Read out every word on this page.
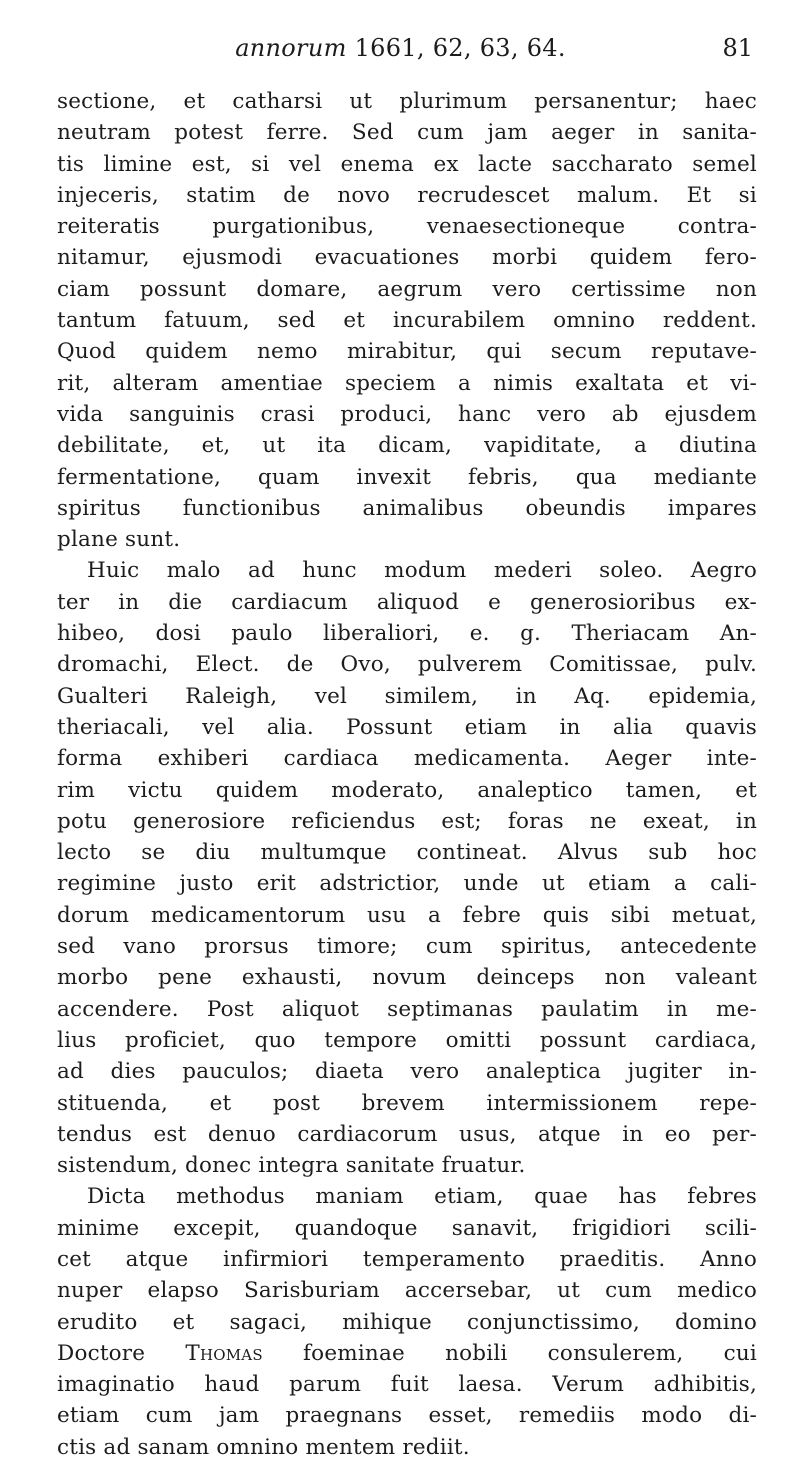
annorum 1661, 62, 63, 64.	81
sectione, et catharsi ut plurimum persanentur; haec
neutram potest ferre. Sed cum jam aeger in sanita-
tis limine est, si vel enema ex lacte saccharato semel
injeceris, statim de novo recrudescet malum. Et si
reiteratis purgationibus, venaesectioneque contra-
nitamur, ejusmodi evacuationes morbi quidem fero-
ciam possunt domare, aegrum vero certissime non
tantum fatuum, sed et incurabilem omnino reddent.
Quod quidem nemo mirabitur, qui secum reputave-
rit, alteram amentiae speciem a nimis exaltata et vi-
vida sanguinis crasi produci, hanc vero ab ejusdem
debilitate, et, ut ita dicam, vapiditate, a diutina
fermentatione, quam invexit febris, qua mediante
spiritus functionibus animalibus obeundis impares
plane sunt.
Huic malo ad hunc modum mederi soleo. Aegro
ter in die cardiacum aliquod e generosioribus ex-
hibeo, dosi paulo liberaliori, e. g. Theriacam An-
dromachi, Elect. de Ovo, pulverem Comitissae, pulv.
Gualteri Raleigh, vel similem, in Aq. epidemia,
theriacali, vel alia. Possunt etiam in alia quavis
forma exhiberi cardiaca medicamenta. Aeger inte-
rim victu quidem moderato, analeptico tamen, et
potu generosiore reficiendus est; foras ne exeat, in
lecto se diu multumque contineat. Alvus sub hoc
regimine justo erit adstrictior, unde ut etiam a cali-
dorum medicamentorum usu a febre quis sibi metuat,
sed vano prorsus timore; cum spiritus, antecedente
morbo pene exhausti, novum deinceps non valeant
accendere. Post aliquot septimanas paulatim in me-
lius proficiet, quo tempore omitti possunt cardiaca,
ad dies pauculos; diaeta vero analeptica jugiter in-
stituenda, et post brevem intermissionem repe-
tendus est denuo cardiacorum usus, atque in eo per-
sistendum, donec integra sanitate fruatur.
Dicta methodus maniam etiam, quae has febres
minime excepit, quandoque sanavit, frigidiori scili-
cet atque infirmiori temperamento praeditis. Anno
nuper elapso Sarisburiam accersebar, ut cum medico
erudito et sagaci, mihique conjunctissimo, domino
Doctore Thomas foeminae nobili consulerem, cui
imaginatio haud parum fuit laesa. Verum adhibitis,
etiam cum jam praegnans esset, remediis modo di-
ctis ad sanam omnino mentem rediit.
